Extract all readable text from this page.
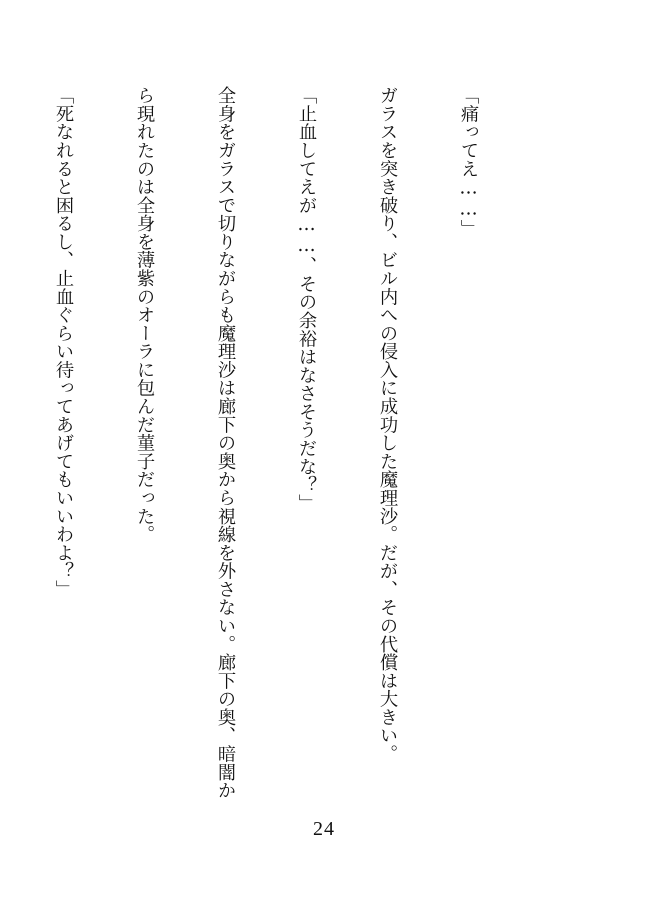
「痛ってえ……」

ガラスを突き破り、ビル内への侵入に成功した魔理沙。だが、その代償は大きい。

「止血してえが……、その余裕はなさそうだな？」

全身をガラスで切りながらも魔理沙は廊下の奥から視線を外さない。廊下の奥、暗闇か

ら現れたのは全身を薄紫のオーラに包んだ菫子だった。

「死なれると困るし、止血ぐらい待ってあげてもいいわよ？」

24
